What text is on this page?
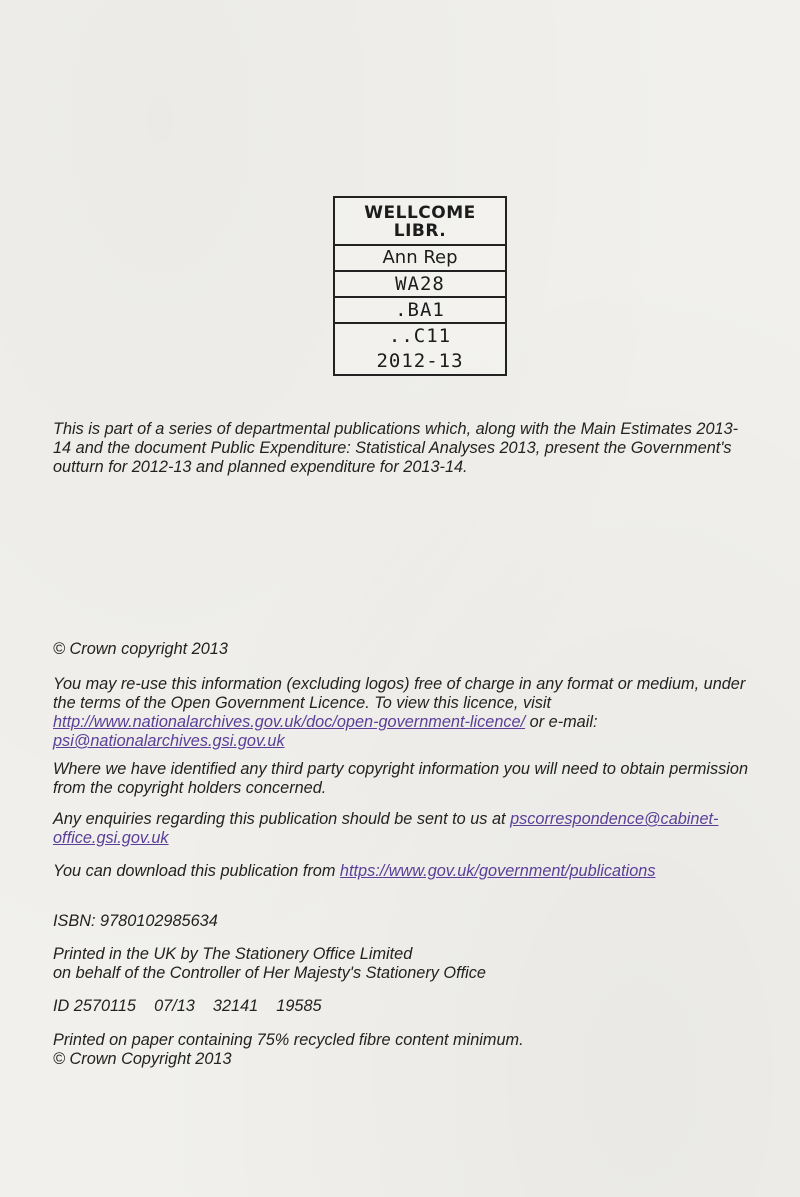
WELLCOME
LIBR.
Ann Rep
WA28
.BA1
..C11
2012-13

This is part of a series of departmental publications which, along with the Main Estimates 2013-14 and the document Public Expenditure: Statistical Analyses 2013, present the Government's outturn for 2012-13 and planned expenditure for 2013-14.

© Crown copyright 2013

You may re-use this information (excluding logos) free of charge in any format or medium, under the terms of the Open Government Licence. To view this licence, visit http://www.nationalarchives.gov.uk/doc/open-government-licence/ or e-mail: psi@nationalarchives.gsi.gov.uk

Where we have identified any third party copyright information you will need to obtain permission from the copyright holders concerned.

Any enquiries regarding this publication should be sent to us at pscorrespondence@cabinet-office.gsi.gov.uk

You can download this publication from https://www.gov.uk/government/publications

ISBN: 9780102985634

Printed in the UK by The Stationery Office Limited
on behalf of the Controller of Her Majesty's Stationery Office

ID 2570115    07/13    32141    19585

Printed on paper containing 75% recycled fibre content minimum.
© Crown Copyright 2013
